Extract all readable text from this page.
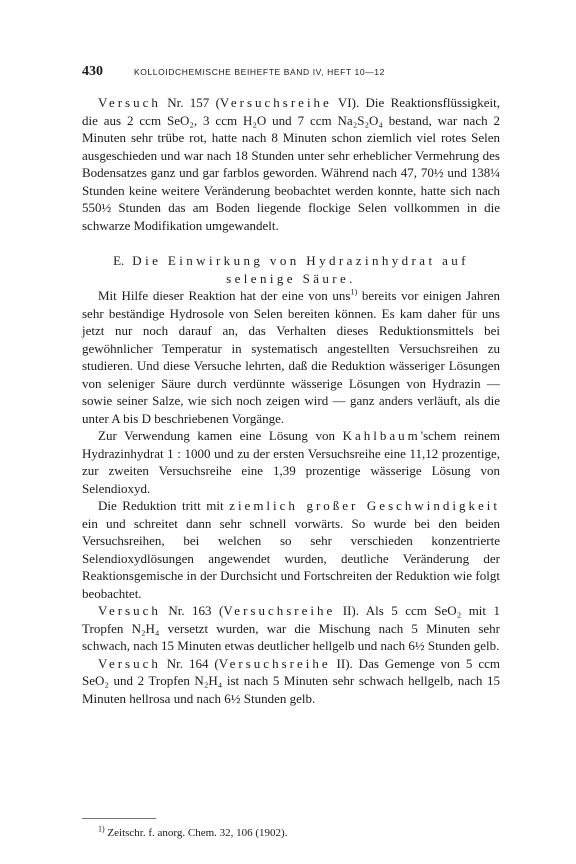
430	KOLLOIDCHEMISCHE BEIHEFTE BAND IV, HEFT 10—12

Versuch Nr. 157 (Versuchsreihe VI). Die Reaktionsflüssigkeit, die aus 2 ccm SeO₂, 3 ccm H₂O und 7 ccm Na₂S₂O₄ bestand, war nach 2 Minuten sehr trübe rot, hatte nach 8 Minuten schon ziemlich viel rotes Selen ausgeschieden und war nach 18 Stunden unter sehr erheblicher Vermehrung des Bodensatzes ganz und gar farblos geworden. Während nach 47, 70½ und 138¼ Stunden keine weitere Veränderung beobachtet werden konnte, hatte sich nach 550½ Stunden das am Boden liegende flockige Selen vollkommen in die schwarze Modifikation umgewandelt.

E. Die Einwirkung von Hydrazinhydrat auf selenige Säure.

Mit Hilfe dieser Reaktion hat der eine von uns$^{1)}$ bereits vor einigen Jahren sehr beständige Hydrosole von Selen bereiten können. Es kam daher für uns jetzt nur noch darauf an, das Verhalten dieses Reduktionsmittels bei gewöhnlicher Temperatur in systematisch angestellten Versuchsreihen zu studieren. Und diese Versuche lehrten, daß die Reduktion wässeriger Lösungen von seleniger Säure durch verdünnte wässerige Lösungen von Hydrazin — sowie seiner Salze, wie sich noch zeigen wird — ganz anders verläuft, als die unter A bis D beschriebenen Vorgänge.

Zur Verwendung kamen eine Lösung von Kahlbaum'schem reinem Hydrazinhydrat 1 : 1000 und zu der ersten Versuchsreihe eine 11,12 prozentige, zur zweiten Versuchsreihe eine 1,39 prozentige wässerige Lösung von Selendioxyd.

Die Reduktion tritt mit ziemlich großer Geschwindigkeit ein und schreitet dann sehr schnell vorwärts. So wurde bei den beiden Versuchsreihen, bei welchen so sehr verschieden konzentrierte Selendioxydlösungen angewendet wurden, deutliche Veränderung der Reaktionsgemische in der Durchsicht und Fortschreiten der Reduktion wie folgt beobachtet.

Versuch Nr. 163 (Versuchsreihe II). Als 5 ccm SeO₂ mit 1 Tropfen N₂H₄ versetzt wurden, war die Mischung nach 5 Minuten sehr schwach, nach 15 Minuten etwas deutlicher hellgelb und nach 6½ Stunden gelb.

Versuch Nr. 164 (Versuchsreihe II). Das Gemenge von 5 ccm SeO₂ und 2 Tropfen N₂H₄ ist nach 5 Minuten sehr schwach hellgelb, nach 15 Minuten hellrosa und nach 6½ Stunden gelb.

$^{1)}$ Zeitschr. f. anorg. Chem. 32, 106 (1902).
